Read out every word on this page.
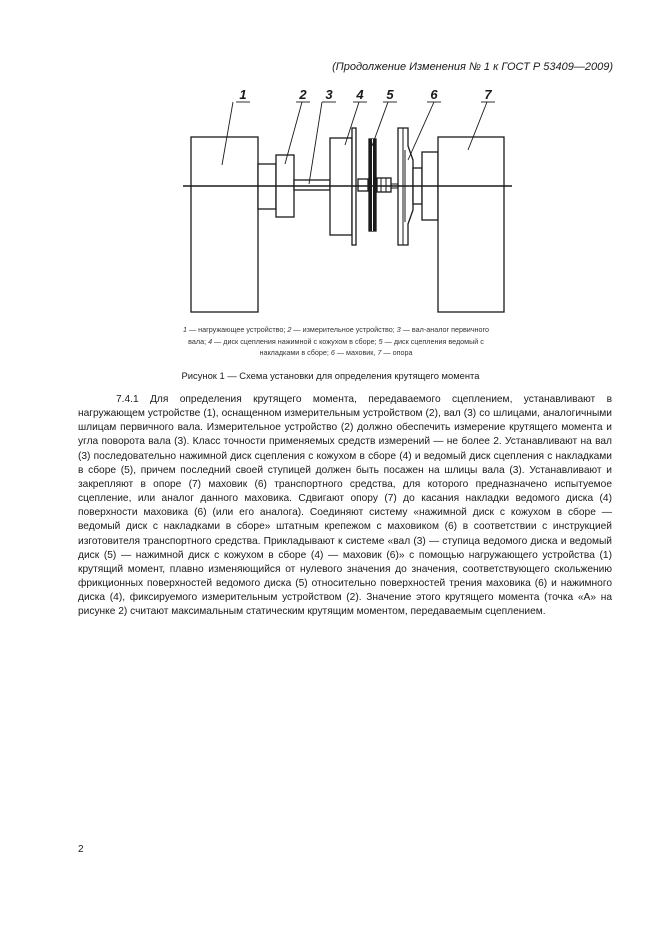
(Продолжение Изменения № 1 к ГОСТ Р 53409—2009)
1	2 3 4 5	6	7
1 — нагружающее устройство; 2 — измерительное устройство; 3 — вал-аналог первичного вала; 4 — диск сцепления нажимной с кожухом в сборе; 5 — диск сцепления ведомый с накладками в сборе; 6 — маховик, 7 — опора
Рисунок 1 — Схема установки для определения крутящего момента

7.4.1 Для определения крутящего момента, передаваемого сцеплением, устанавливают в нагружающем устройстве (1), оснащенном измерительным устройством (2), вал (3) со шлицами, аналогичными шлицам первичного вала. Измерительное устройство (2) должно обеспечить измерение крутящего момента и угла поворота вала (3). Класс точности применяемых средств измерений — не более 2. Устанавливают на вал (3) последовательно нажимной диск сцепления с кожухом в сборе (4) и ведомый диск сцепления с накладками в сборе (5), причем последний своей ступицей должен быть посажен на шлицы вала (3). Устанавливают и закрепляют в опоре (7) маховик (6) транспортного средства, для которого предназначено испытуемое сцепление, или аналог данного маховика. Сдвигают опору (7) до касания накладки ведомого диска (4) поверхности маховика (6) (или его аналога). Соединяют систему «нажимной диск с кожухом в сборе — ведомый диск с накладками в сборе» штатным крепежом с маховиком (6) в соответствии с инструкцией изготовителя транспортного средства. Прикладывают к системе «вал (3) — ступица ведомого диска и ведомый диск (5) — нажимной диск с кожухом в сборе (4) — маховик (6)» с помощью нагружающего устройства (1) крутящий момент, плавно изменяющийся от нулевого значения до значения, соответствующего скольжению фрикционных поверхностей ведомого диска (5) относительно поверхностей трения маховика (6) и нажимного диска (4), фиксируемого измерительным устройством (2). Значение этого крутящего момента (точка «А» на рисунке 2) считают максимальным статическим крутящим моментом, передаваемым сцеплением.

2
